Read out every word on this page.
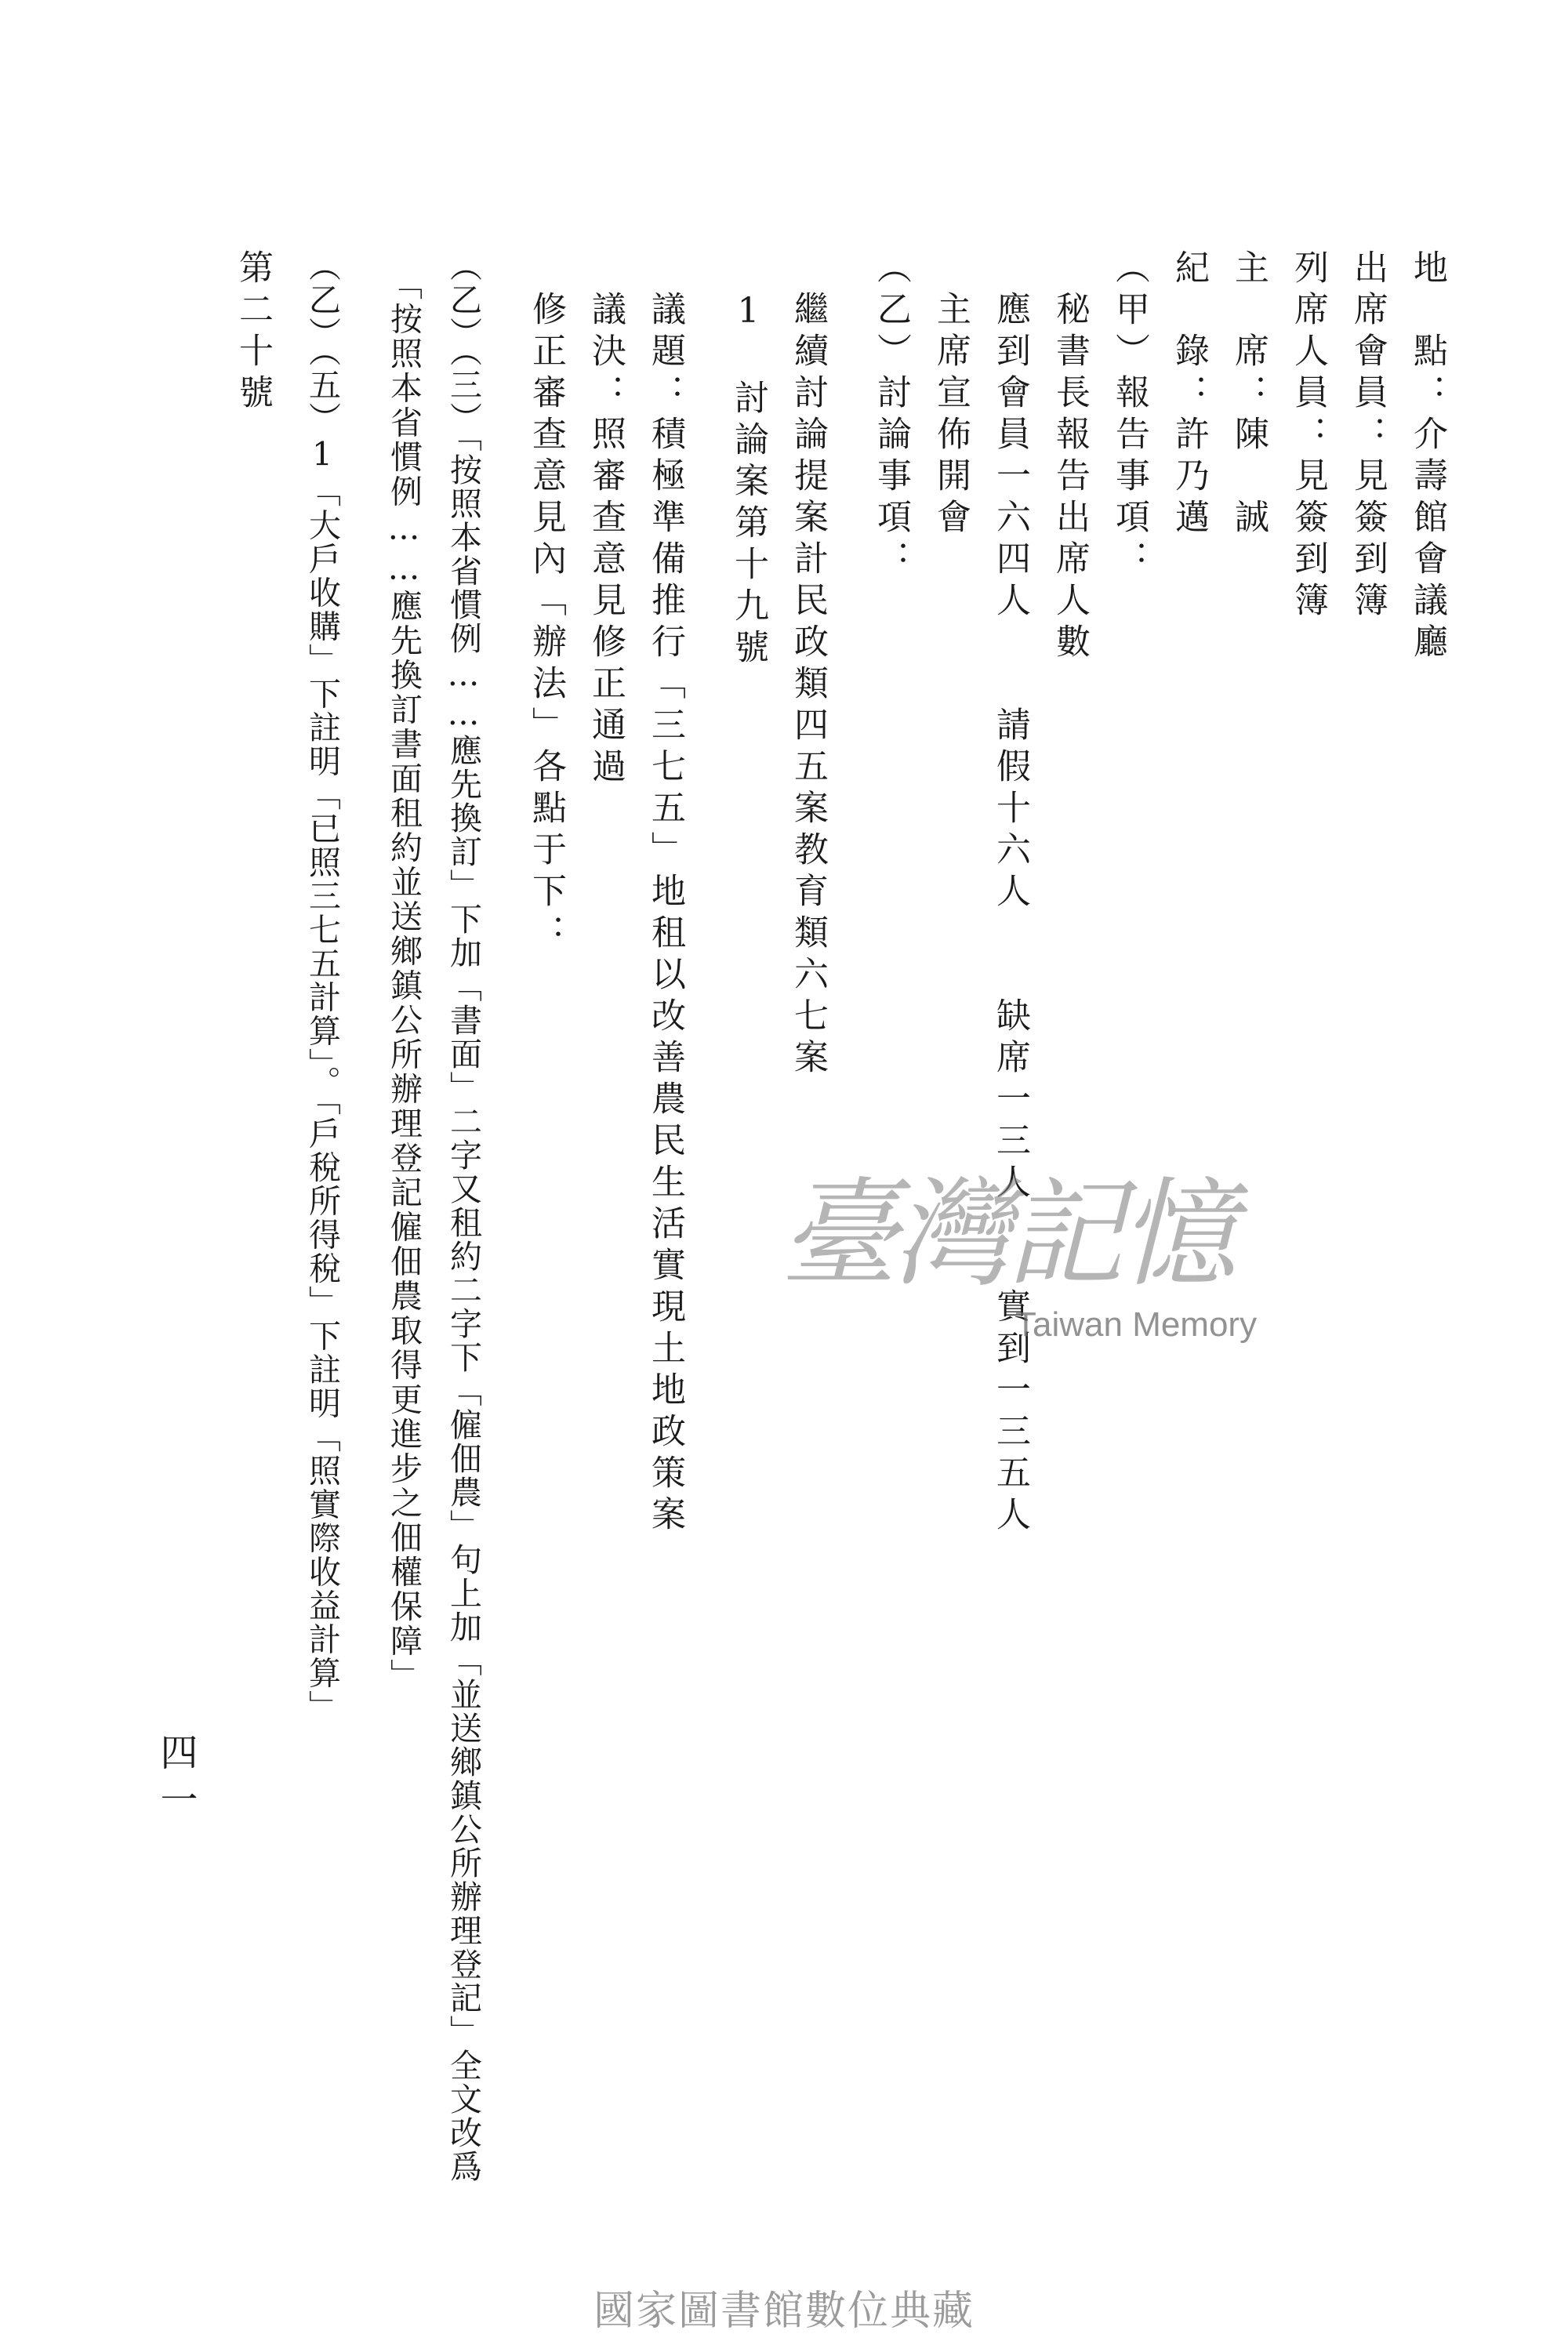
地　點：介壽館會議廳

出席會員：見簽到簿

列席人員：見簽到簿

主　席：陳　誠

紀　錄：許乃邁

（甲）報告事項：

　秘書長報告出席人數

　應到會員一六四人　　請假十六人　　缺席一三人　　實到一三五人

　主席宣佈開會

（乙）討論事項：

　繼續討論提案計民政類四五案教育類六七案

　1　討論案第十九號

　議題：積極準備推行「三七五」地租以改善農民生活實現土地政策案

　議決：照審查意見修正通過

　修正審查意見內「辦法」各點于下：

（乙）（三）「按照本省慣例……應先換訂」下加「書面」二字又租約二字下「僱佃農」句上加「並送鄉鎮公所辦理登記」全文改爲

　「按照本省慣例……應先換訂書面租約並送鄉鎮公所辦理登記僱佃農取得更進步之佃權保障」

（乙）（五）1「大戶收購」下註明「已照三七五計算」。「戶稅所得稅」下註明「照實際收益計算」

第二十號

四一

臺灣記憶
Taiwan Memory
國家圖書館數位典藏
